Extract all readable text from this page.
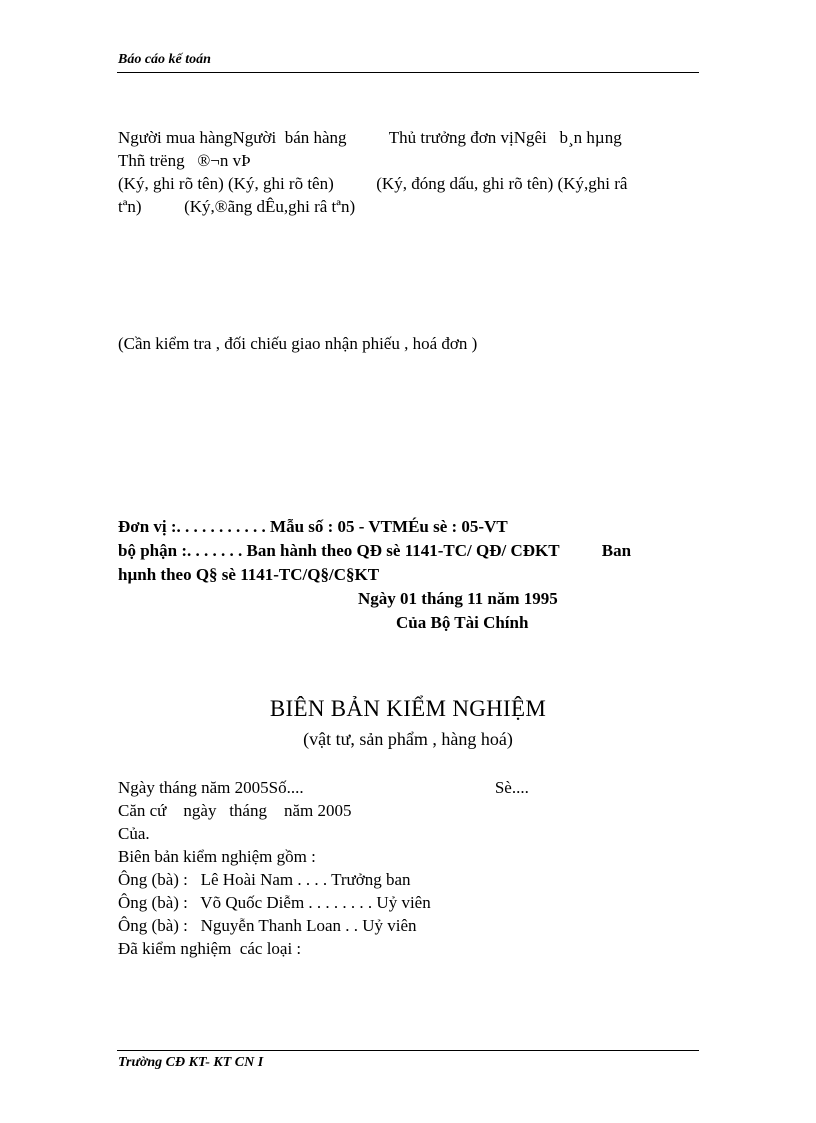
Báo cáo kế toán
Người mua hàngNgười  bán hàng          Thủ trưởng đơn vịNgêi   b¸n hµng
Thñ trëng   ®¬n vÞ
(Ký, ghi rõ tên) (Ký, ghi rõ tên)          (Ký, đóng dấu, ghi rõ tên) (Ký,ghi râ
tªn)          (Ký,®ãng dÊu,ghi râ tªn)
(Cần kiểm tra , đối chiếu giao nhận phiếu , hoá đơn )
Đơn vị :. . . . . . . . . . . Mẫu số : 05 - VTMÉu sè : 05-VT
bộ phận :. . . . . . . Ban hành theo QĐ sè 1141-TC/ QĐ/ CĐKT          Ban
hµnh theo Q§ sè 1141-TC/Q§/C§KT
Ngày 01 tháng 11 năm 1995
Của Bộ Tài Chính
BIÊN BẢN KIỂM NGHIỆM
(vật tư, sản phẩm , hàng hoá)
Ngày tháng năm 2005Số....                                             Sè....
Căn cứ    ngày   tháng    năm 2005
Của.
Biên bản kiểm nghiệm gồm :
Ông (bà) :   Lê Hoài Nam . . . . Trưởng ban
Ông (bà) :   Võ Quốc Diễm . . . . . . . . Uỷ viên
Ông (bà) :   Nguyễn Thanh Loan . . Uỷ viên
Đã kiểm nghiệm  các loại :
Trường CĐ KT- KT CN I
